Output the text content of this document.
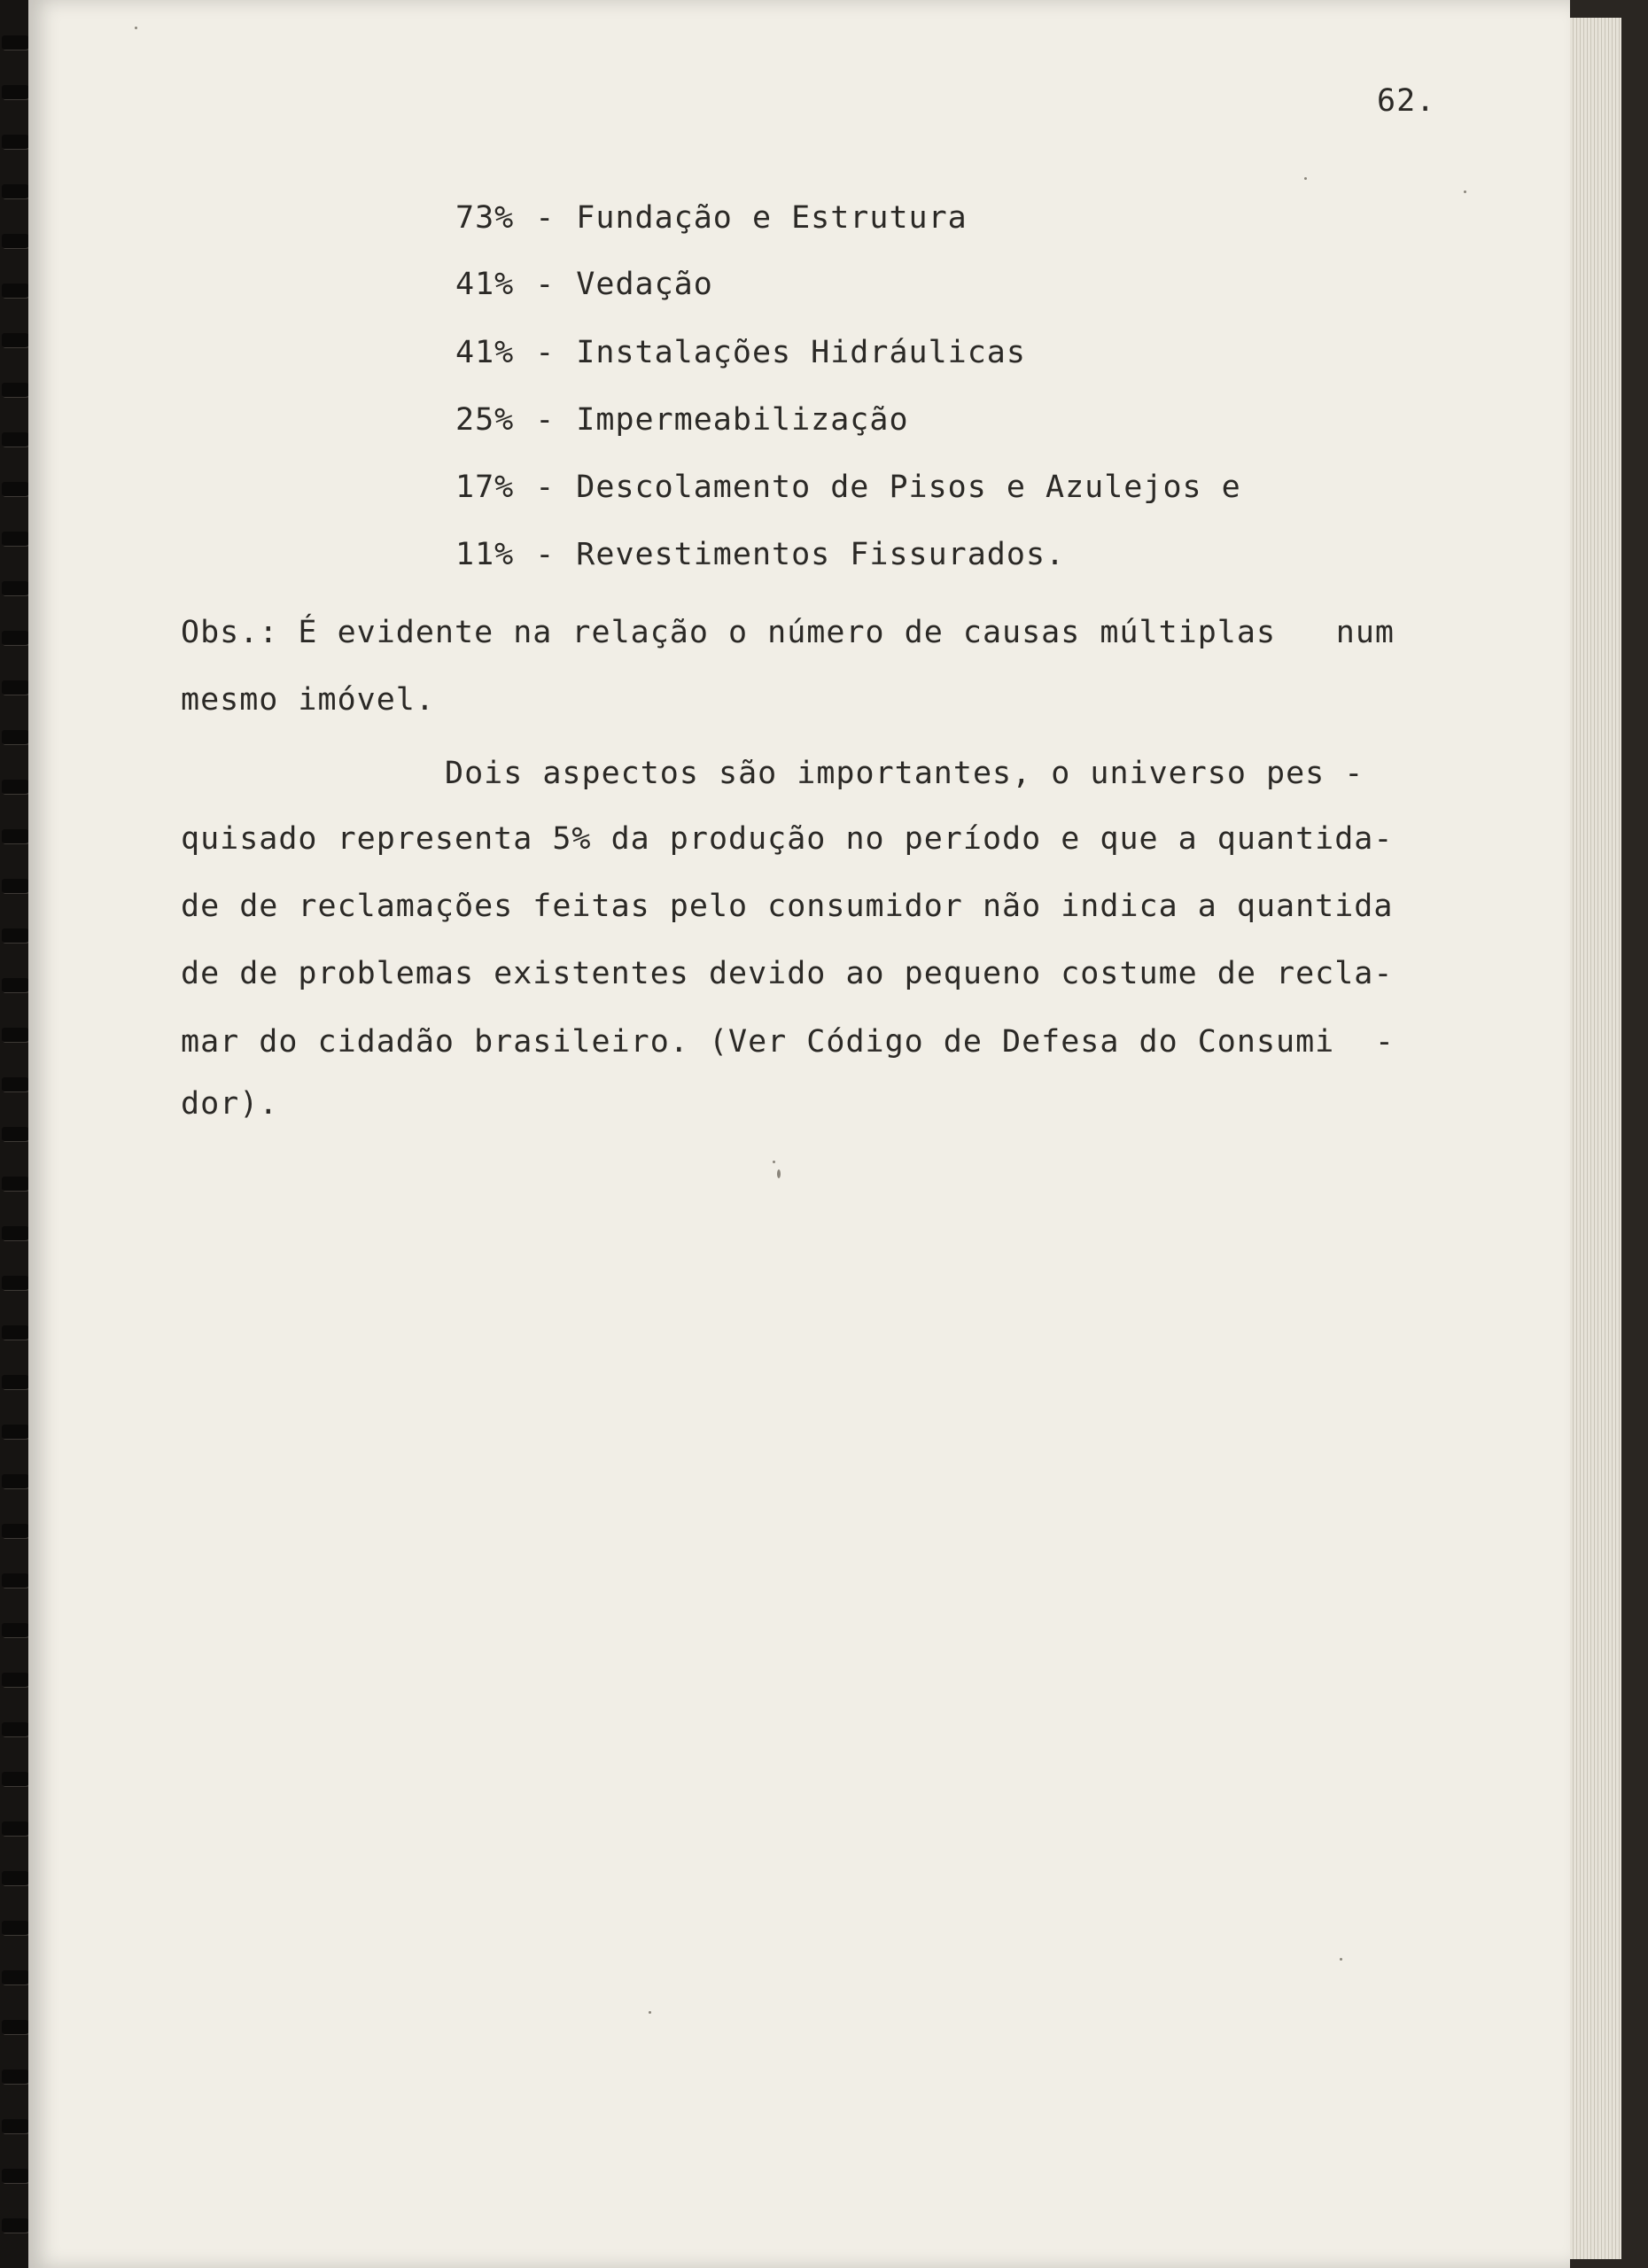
62.
73% - Fundação e Estrutura
41% - Vedação
41% - Instalações Hidráulicas
25% - Impermeabilização
17% - Descolamento de Pisos e Azulejos e
11% - Revestimentos Fissurados.
Obs.: É evidente na relação o número de causas múltiplas num
mesmo imóvel.
Dois aspectos são importantes, o universo pes -
quisado representa 5% da produção no período e que a quantida-
de de reclamações feitas pelo consumidor não indica a quantida
de de problemas existentes devido ao pequeno costume de recla-
mar do cidadão brasileiro. (Ver Código de Defesa do Consumi -
dor).
